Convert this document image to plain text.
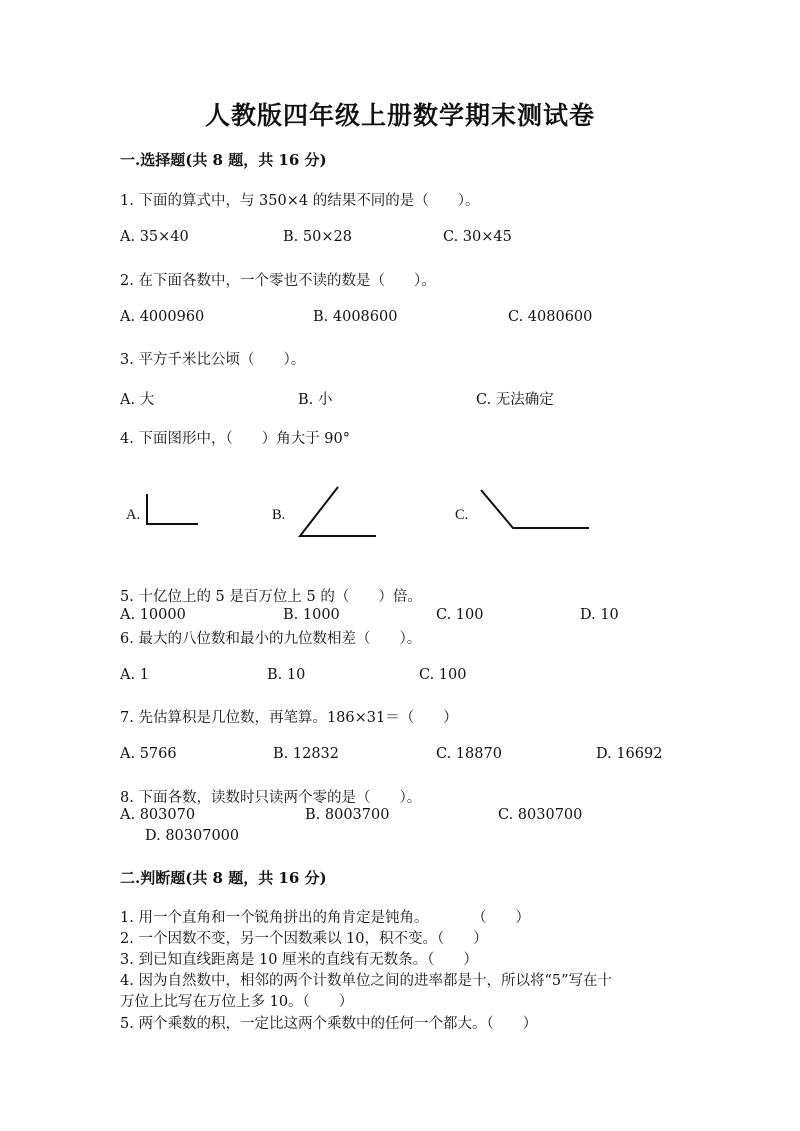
人教版四年级上册数学期末测试卷
一.选择题(共 8 题，共 16 分)
1. 下面的算式中，与 350×4 的结果不同的是（　　）。
A. 35×40	B. 50×28	C. 30×45
2. 在下面各数中，一个零也不读的数是（　　）。
A. 4000960	B. 4008600	C. 4080600
3. 平方千米比公顷（　　）。
A. 大	B. 小	C. 无法确定
4. 下面图形中，（　　）角大于 90°
A.	B.	C.
5. 十亿位上的 5 是百万位上 5 的（　　）倍。
A. 10000	B. 1000	C. 100	D. 10
6. 最大的八位数和最小的九位数相差（　　）。
A. 1	B. 10	C. 100
7. 先估算积是几位数，再笔算。186×31＝（　　）
A. 5766	B. 12832	C. 18870	D. 16692
8. 下面各数，读数时只读两个零的是（　　）。
A. 803070	B. 8003700	C. 8030700
D. 80307000
二.判断题(共 8 题，共 16 分)
1. 用一个直角和一个锐角拼出的角肯定是钝角。　　　　（　　）
2. 一个因数不变，另一个因数乘以 10，积不变。（　　）
3. 到已知直线距离是 10 厘米的直线有无数条。（　　）
4. 因为自然数中，相邻的两个计数单位之间的进率都是十，所以将“5”写在十
万位上比写在万位上多 10。（　　）
5. 两个乘数的积，一定比这两个乘数中的任何一个都大。（　　）
